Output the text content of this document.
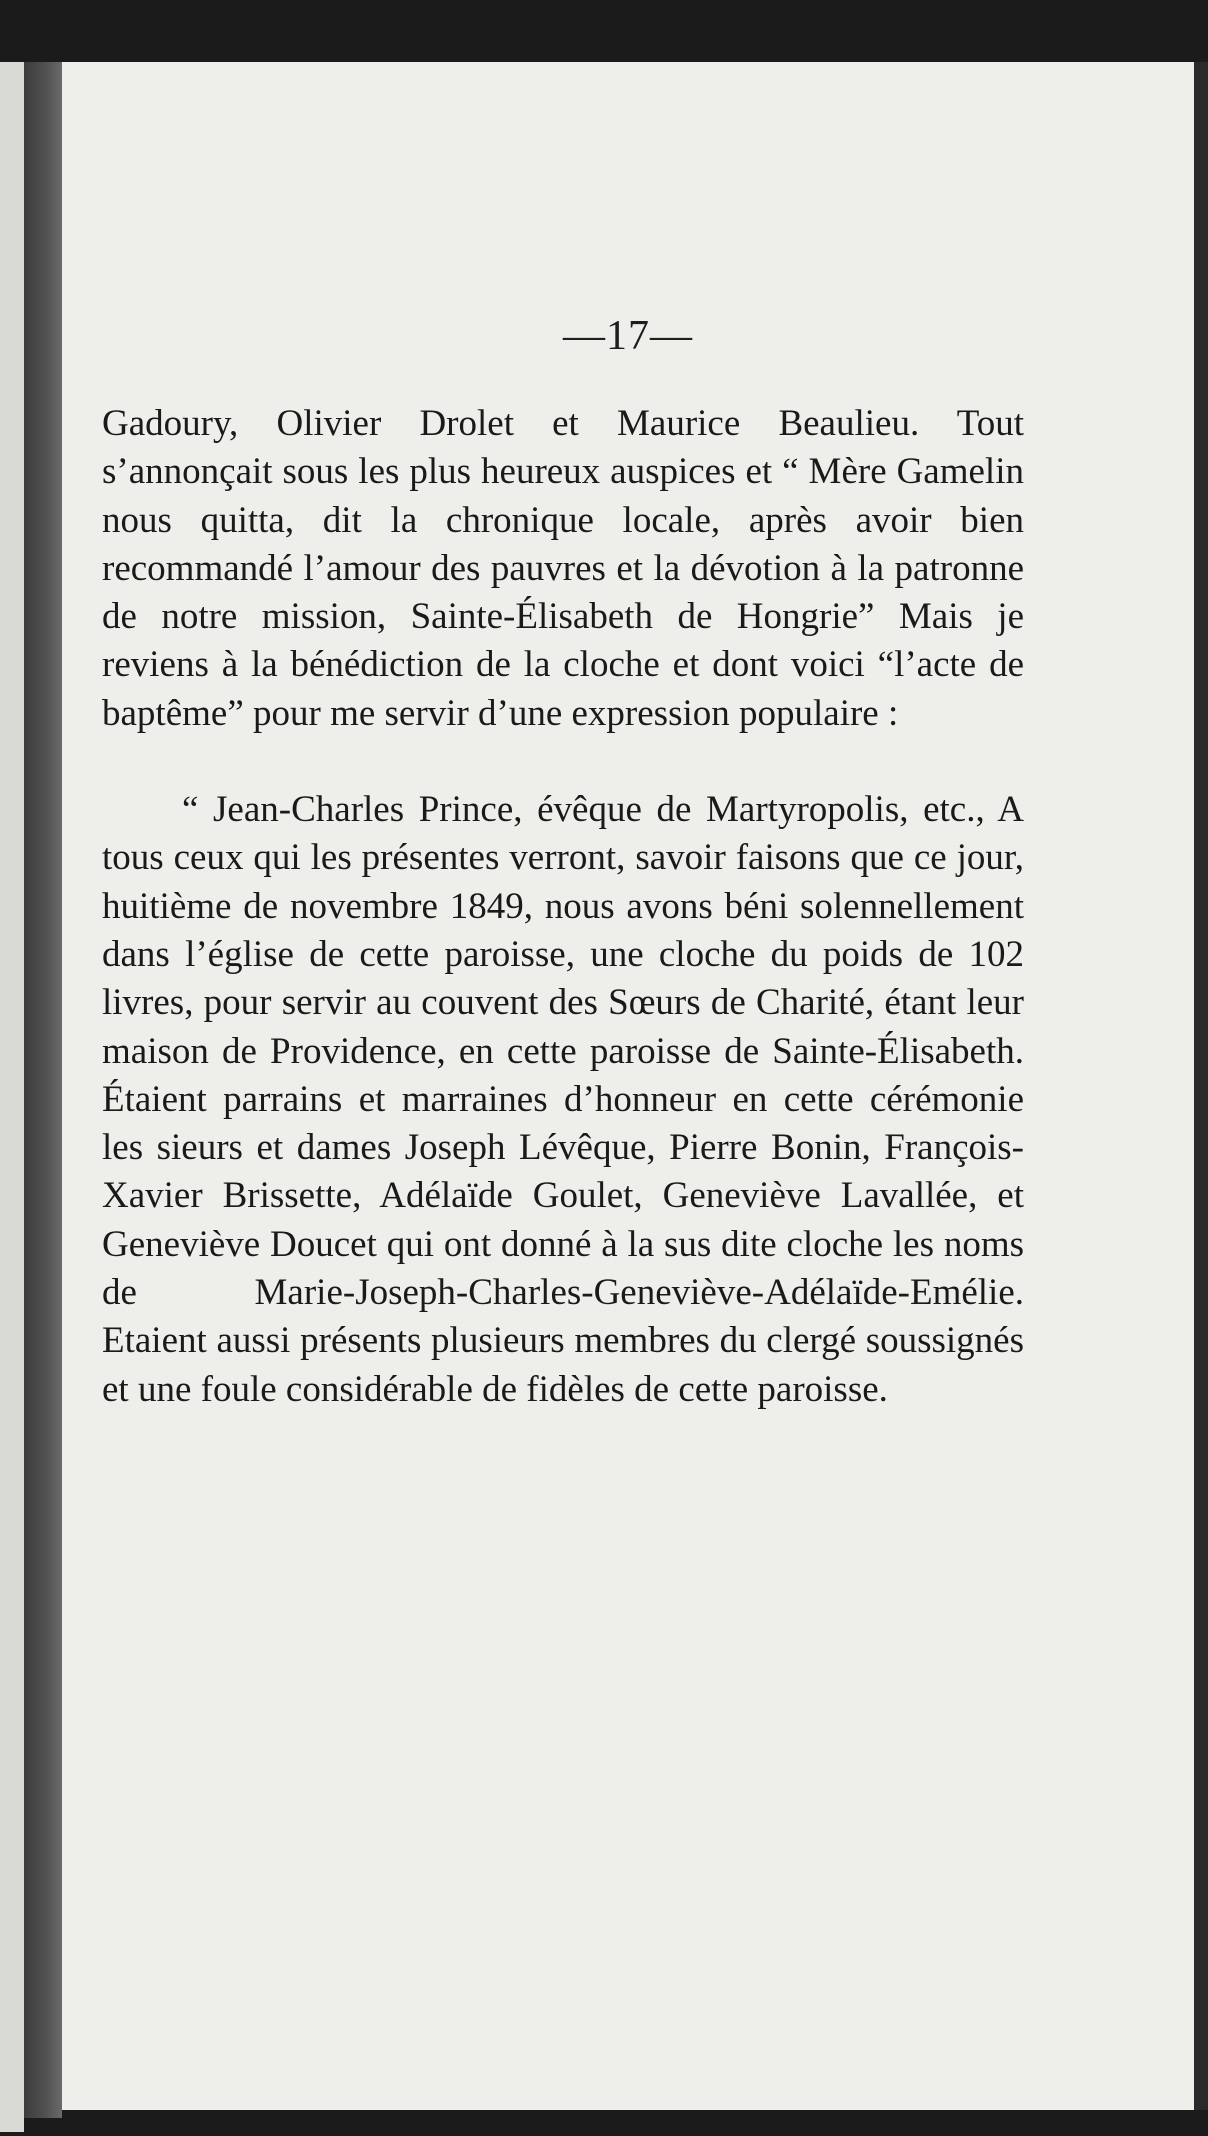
—17—

Gadoury, Olivier Drolet et Maurice Beaulieu. Tout s’annonçait sous les plus heureux auspices et “ Mère Gamelin nous quitta, dit la chronique locale, après avoir bien recommandé l’amour des pauvres et la dévotion à la patronne de notre mission, Sainte-Élisabeth de Hongrie” Mais je reviens à la bénédiction de la cloche et dont voici “l’acte de baptême” pour me servir d’une expression populaire :

“ Jean-Charles Prince, évêque de Martyropolis, etc., A tous ceux qui les présentes verront, savoir faisons que ce jour, huitième de novembre 1849, nous avons béni solennellement dans l’église de cette paroisse, une cloche du poids de 102 livres, pour servir au couvent des Sœurs de Charité, étant leur maison de Providence, en cette paroisse de Sainte-Élisabeth. Étaient parrains et marraines d’honneur en cette cérémonie les sieurs et dames Joseph Lévêque, Pierre Bonin, François-Xavier Brissette, Adélaïde Goulet, Geneviève Lavallée, et Geneviève Doucet qui ont donné à la sus dite cloche les noms de Marie-Joseph-Charles-Geneviève-Adélaïde-Emélie. Etaient aussi présents plusieurs membres du clergé soussignés et une foule considérable de fidèles de cette paroisse.
